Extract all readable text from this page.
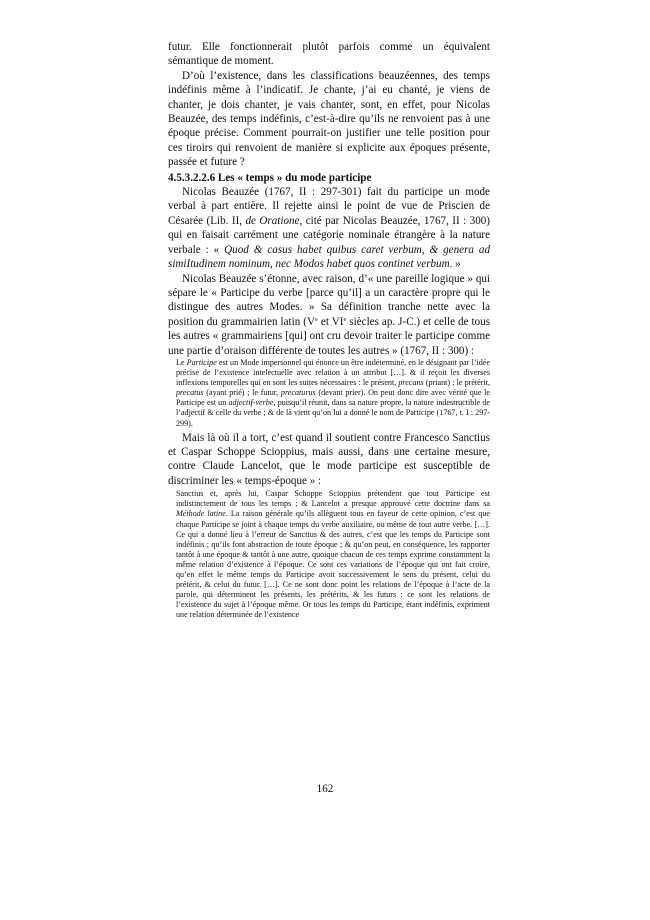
futur. Elle fonctionnerait plutôt parfois comme un équivalent sémantique de moment.

D’où l’existence, dans les classifications beauzéennes, des temps indéfinis même à l’indicatif. Je chante, j’ai eu chanté, je viens de chanter, je dois chanter, je vais chanter, sont, en effet, pour Nicolas Beauzée, des temps indéfinis, c’est-à-dire qu’ils ne renvoient pas à une époque précise. Comment pourrait-on justifier une telle position pour ces tiroirs qui renvoient de manière si explicite aux époques présente, passée et future ?

4.5.3.2.2.6 Les « temps » du mode participe

Nicolas Beauzée (1767, II : 297-301) fait du participe un mode verbal à part entière. Il rejette ainsi le point de vue de Priscien de Césarée (Lib. II, de Oratione, cité par Nicolas Beauzée, 1767, II : 300) qui en faisait carrément une catégorie nominale étrangère à la nature verbale : « Quod & casus habet quibus caret verbum, & genera ad simiItudinem nominum, nec Modos habet quos continet verbum. »

Nicolas Beauzée s’étonne, avec raison, d’« une pareille logique » qui sépare le « Participe du verbe [parce qu’il] a un caractère propre qui le distingue des autres Modes. » Sa définition tranche nette avec la position du grammairien latin (Ve et VIe siècles ap. J-C.) et celle de tous les autres « grammairiens [qui] ont cru devoir traiter le participe comme une partie d’oraison différente de toutes les autres » (1767, II : 300) :

Le Participe est un Mode impersonnel qui énonce un être indéterminé, en le désignant par l’idée précise de l’existence intelectuelle avec relation à un attribut […]. & il reçoit les diverses inflexions temporelles qui en sont les suites nécessaires : le présent, precans (priant) ; le prétérit, precatus (ayant prié) ; le futur, precaturus (devant prier). On peut donc dire avec vérité que le Participe est un adjectif-verbe, puisqu’il réunit, dans sa nature propre, la nature indestructible de l’adjectif & celle du verbe ; & de là vient qu’on lui a donné le nom de Participe (1767, t. I : 297-299).

Mais là où il a tort, c’est quand il soutient contre Francesco Sanctius et Caspar Schoppe Scioppius, mais aussi, dans une certaine mesure, contre Claude Lancelot, que le mode participe est susceptible de discriminer les « temps-époque » :

Sanctius et, après lui, Caspar Schoppe Scioppius prétendent que tout Participe est indistinctement de tous les temps ; & Lancelot a presque approuvé cette doctrine dans sa Méthode latine. La raison générale qu’ils allèguent tous en faveur de cette opinion, c’est que chaque Participe se joint à chaque temps du verbe auxiliaire, ou même de tout autre verbe. […]. Ce qui a donné lieu à l’erreur de Sanctius & des autres, c’est que les temps du Participe sont indéfinis ; qu’ils font abstraction de toute époque ; & qu’on peut, en conséquence, les rapporter tantôt à une époque & tantôt à une autre, quoique chacun de ces temps exprime constamment la même relation d’existence à l’époque. Ce sont ces variations de l’époque qui ont fait croire, qu’en effet le même temps du Participe avoit successivement le sens du présent, celui du prétérit, & celui du futur. […]. Ce ne sont donc point les relations de l’époque à l’acte de la parole, qui déterminent les présents, les prétérits, & les futurs : ce sont les relations de l’existence du sujet à l’époque même. Or tous les temps du Participe, étant indéfinis, expriment une relation déterminée de l’existence

162
